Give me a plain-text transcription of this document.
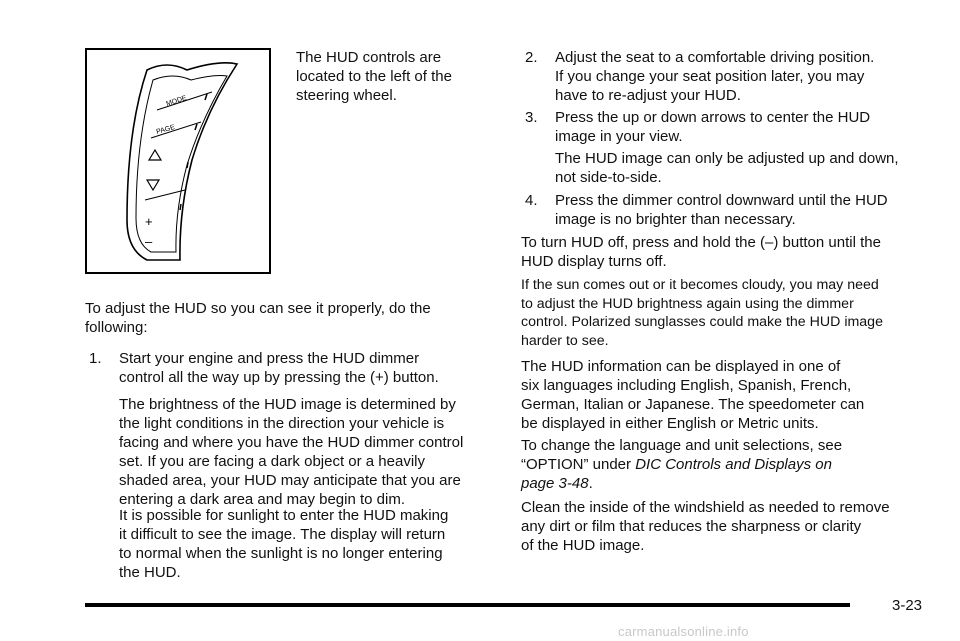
MODE
PAGE
+
–

The HUD controls are

located to the left of the

steering wheel.

To adjust the HUD so you can see it properly, do the

following:

1. Start your engine and press the HUD dimmer

control all the way up by pressing the (+) button.

The brightness of the HUD image is determined by

the light conditions in the direction your vehicle is

facing and where you have the HUD dimmer control

set. If you are facing a dark object or a heavily

shaded area, your HUD may anticipate that you are

entering a dark area and may begin to dim.

It is possible for sunlight to enter the HUD making

it difficult to see the image. The display will return

to normal when the sunlight is no longer entering

the HUD.

2. Adjust the seat to a comfortable driving position.

If you change your seat position later, you may

have to re-adjust your HUD.

3. Press the up or down arrows to center the HUD

image in your view.

The HUD image can only be adjusted up and down,

not side-to-side.

4. Press the dimmer control downward until the HUD

image is no brighter than necessary.

To turn HUD off, press and hold the (–) button until the

HUD display turns off.

If the sun comes out or it becomes cloudy, you may need

to adjust the HUD brightness again using the dimmer

control. Polarized sunglasses could make the HUD image

harder to see.

The HUD information can be displayed in one of

six languages including English, Spanish, French,

German, Italian or Japanese. The speedometer can

be displayed in either English or Metric units.

To change the language and unit selections, see

“OPTION” under DIC Controls and Displays on

page 3-48.

Clean the inside of the windshield as needed to remove

any dirt or film that reduces the sharpness or clarity

of the HUD image.

3-23
carmanualsonline.info
